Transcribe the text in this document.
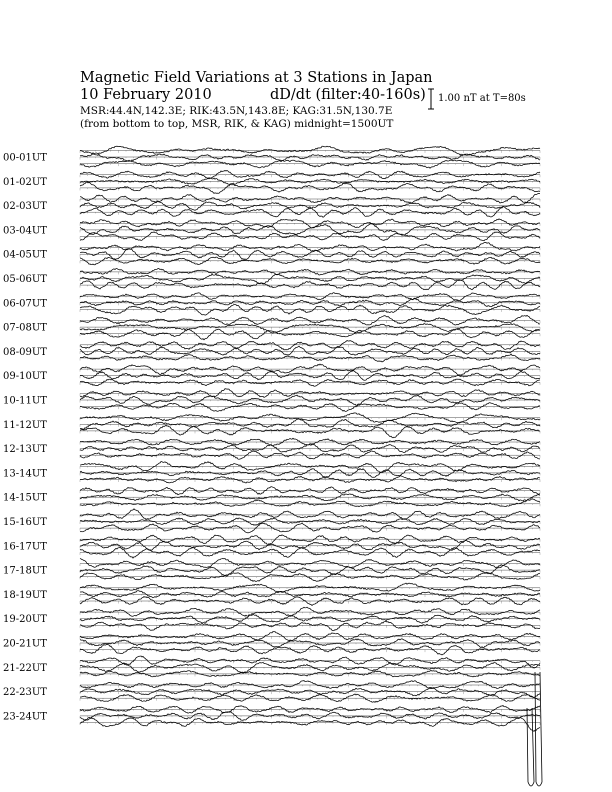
Magnetic Field Variations at 3 Stations in Japan
10 February 2010	dD/dt (filter:40-160s)
MSR:44.4N,142.3E; RIK:43.5N,143.8E; KAG:31.5N,130.7E
(from bottom to top, MSR, RIK, & KAG) midnight=1500UT
1.00 nT at T=80s
00-01UT
01-02UT
02-03UT
03-04UT
04-05UT
05-06UT
06-07UT
07-08UT
08-09UT
09-10UT
10-11UT
11-12UT
12-13UT
13-14UT
14-15UT
15-16UT
16-17UT
17-18UT
18-19UT
19-20UT
20-21UT
21-22UT
22-23UT
23-24UT
